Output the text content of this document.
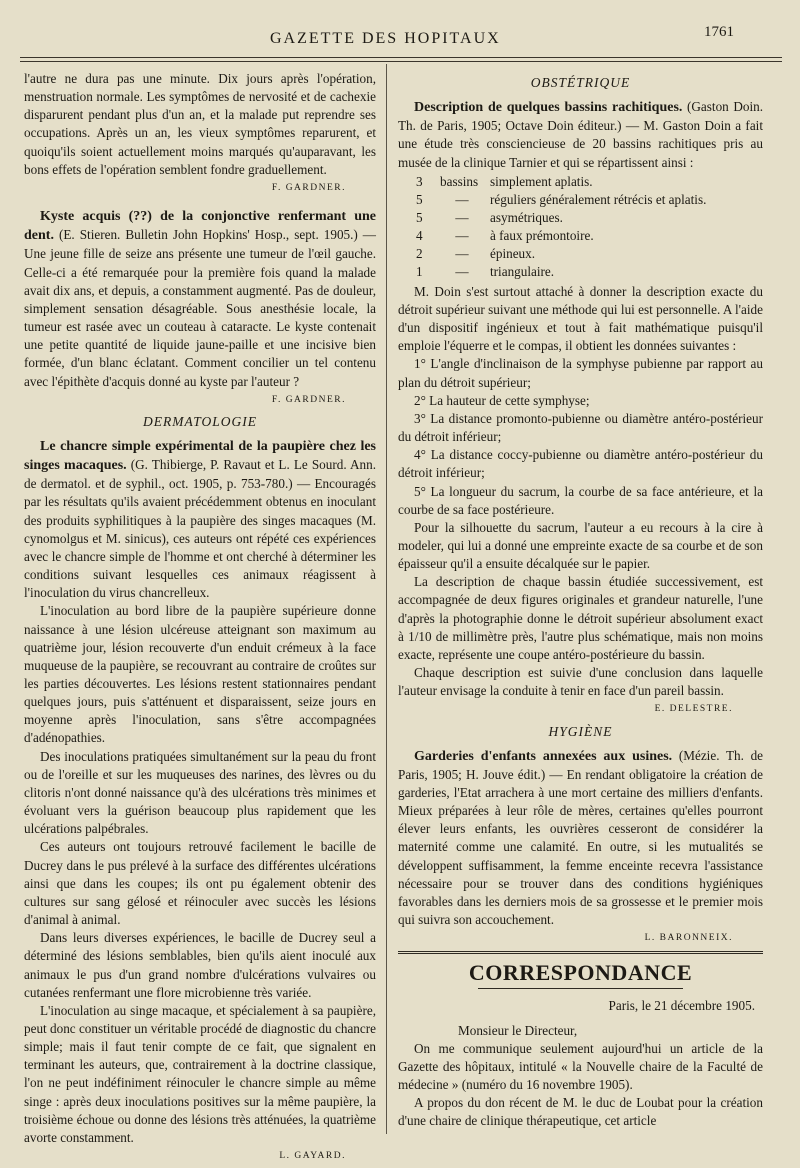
GAZETTE DES HOPITAUX	1761

l'autre ne dura pas une minute. Dix jours après l'opération, menstruation normale. Les symptômes de nervosité et de cachexie disparurent pendant plus d'un an, et la malade put reprendre ses occupations. Après un an, les vieux symptômes reparurent, et quoiqu'ils soient actuellement moins marqués qu'auparavant, les bons effets de l'opération semblent fondre graduellement.

F. GARDNER.

Kyste acquis (??) de la conjonctive renfermant une dent. (E. Stieren. Bulletin John Hopkins' Hosp., sept. 1905.) — Une jeune fille de seize ans présente une tumeur de l'œil gauche. Celle-ci a été remarquée pour la première fois quand la malade avait dix ans, et depuis, a constamment augmenté. Pas de douleur, simplement sensation désagréable. Sous anesthésie locale, la tumeur est rasée avec un couteau à cataracte. Le kyste contenait une petite quantité de liquide jaune-paille et une incisive bien formée, d'un blanc éclatant. Comment concilier un tel contenu avec l'épithète d'acquis donné au kyste par l'auteur ?

F. GARDNER.
DERMATOLOGIE

Le chancre simple expérimental de la paupière chez les singes macaques. (G. Thibierge, P. Ravaut et L. Le Sourd. Ann. de dermatol. et de syphil., oct. 1905, p. 753-780.) — Encouragés par les résultats qu'ils avaient précédemment obtenus en inoculant des produits syphilitiques à la paupière des singes macaques (M. cynomolgus et M. sinicus), ces auteurs ont répété ces expériences avec le chancre simple de l'homme et ont cherché à déterminer les conditions suivant lesquelles ces animaux réagissent à l'inoculation du virus chancrelleux.

L'inoculation au bord libre de la paupière supérieure donne naissance à une lésion ulcéreuse atteignant son maximum au quatrième jour, lésion recouverte d'un enduit crémeux à la face muqueuse de la paupière, se recouvrant au contraire de croûtes sur les parties découvertes. Les lésions restent stationnaires pendant quelques jours, puis s'atténuent et disparaissent, seize jours en moyenne après l'inoculation, sans s'être accompagnées d'adénopathies.

Des inoculations pratiquées simultanément sur la peau du front ou de l'oreille et sur les muqueuses des narines, des lèvres ou du clitoris n'ont donné naissance qu'à des ulcérations très minimes et évoluant vers la guérison beaucoup plus rapidement que les ulcérations palpébrales.

Ces auteurs ont toujours retrouvé facilement le bacille de Ducrey dans le pus prélevé à la surface des différentes ulcérations ainsi que dans les coupes; ils ont pu également obtenir des cultures sur sang gélosé et réinoculer avec succès les lésions d'animal à animal.

Dans leurs diverses expériences, le bacille de Ducrey seul a déterminé des lésions semblables, bien qu'ils aient inoculé aux animaux le pus d'un grand nombre d'ulcérations vulvaires ou cutanées renfermant une flore microbienne très variée.

L'inoculation au singe macaque, et spécialement à sa paupière, peut donc constituer un véritable procédé de diagnostic du chancre simple; mais il faut tenir compte de ce fait, que signalent en terminant les auteurs, que, contrairement à la doctrine classique, l'on ne peut indéfiniment réinoculer le chancre simple au même singe : après deux inoculations positives sur la même paupière, la troisième échoue ou donne des lésions très atténuées, la quatrième avorte constamment.

L. GAYARD.
OBSTÉTRIQUE

Description de quelques bassins rachitiques. (Gaston Doin. Th. de Paris, 1905; Octave Doin éditeur.) — M. Gaston Doin a fait une étude très consciencieuse de 20 bassins rachitiques pris au musée de la clinique Tarnier et qui se répartissent ainsi :

3	bassins	simplement aplatis.
5	—	réguliers généralement rétrécis et aplatis.
5	—	asymétriques.
4	—	à faux prémontoire.
2	—	épineux.
1	—	triangulaire.

M. Doin s'est surtout attaché à donner la description exacte du détroit supérieur suivant une méthode qui lui est personnelle. A l'aide d'un dispositif ingénieux et tout à fait mathématique puisqu'il emploie l'équerre et le compas, il obtient les données suivantes :

1° L'angle d'inclinaison de la symphyse pubienne par rapport au plan du détroit supérieur;

2° La hauteur de cette symphyse;

3° La distance promonto-pubienne ou diamètre antéro-postérieur du détroit inférieur;

4° La distance coccy-pubienne ou diamètre antéro-postérieur du détroit inférieur;

5° La longueur du sacrum, la courbe de sa face antérieure, et la courbe de sa face postérieure.

Pour la silhouette du sacrum, l'auteur a eu recours à la cire à modeler, qui lui a donné une empreinte exacte de sa courbe et de son épaisseur qu'il a ensuite décalquée sur le papier.

La description de chaque bassin étudiée successivement, est accompagnée de deux figures originales et grandeur naturelle, l'une d'après la photographie donne le détroit supérieur absolument exact à 1/10 de millimètre près, l'autre plus schématique, mais non moins exacte, représente une coupe antéro-postérieure du bassin.

Chaque description est suivie d'une conclusion dans laquelle l'auteur envisage la conduite à tenir en face d'un pareil bassin.

E. DELESTRE.
HYGIÈNE

Garderies d'enfants annexées aux usines. (Mézie. Th. de Paris, 1905; H. Jouve édit.) — En rendant obligatoire la création de garderies, l'Etat arrachera à une mort certaine des milliers d'enfants. Mieux préparées à leur rôle de mères, certaines qu'elles pourront élever leurs enfants, les ouvrières cesseront de considérer la maternité comme une calamité. En outre, si les mutualités se développent suffisamment, la femme enceinte recevra l'assistance nécessaire pour se trouver dans des conditions hygiéniques favorables dans les derniers mois de sa grossesse et le premier mois qui suivra son accouchement.

L. BARONNEIX.
CORRESPONDANCE
Paris, le 21 décembre 1905.

Monsieur le Directeur,

On me communique seulement aujourd'hui un article de la Gazette des hôpitaux, intitulé « la Nouvelle chaire de la Faculté de médecine » (numéro du 16 novembre 1905).

A propos du don récent de M. le duc de Loubat pour la création d'une chaire de clinique thérapeutique, cet article
